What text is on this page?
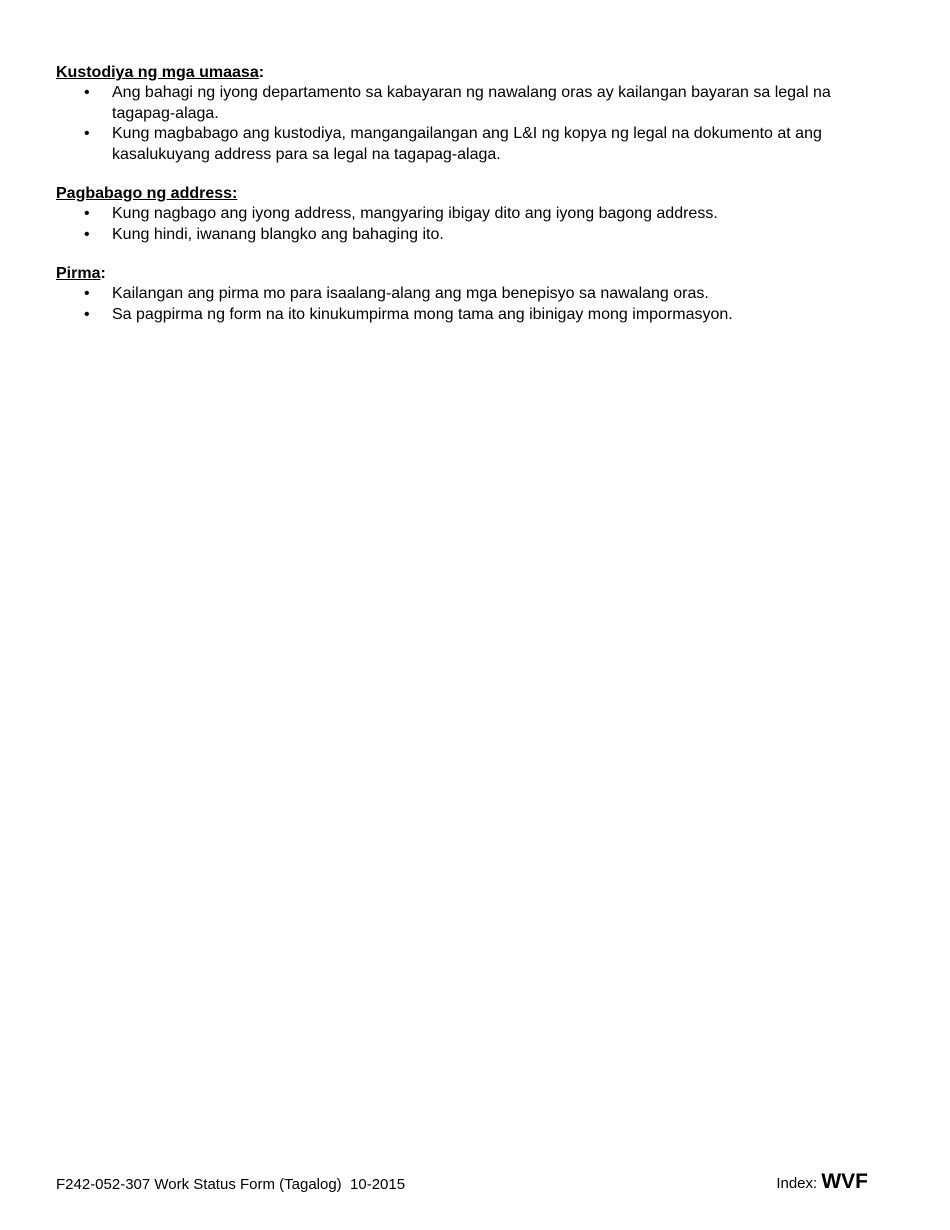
Kustodiya ng mga umaasa:

• Ang bahagi ng iyong departamento sa kabayaran ng nawalang oras ay kailangan bayaran sa legal na tagapag-alaga.
• Kung magbabago ang kustodiya, mangangailangan ang L&I ng kopya ng legal na dokumento at ang kasalukuyang address para sa legal na tagapag-alaga.

Pagbabago ng address:

• Kung nagbago ang iyong address, mangyaring ibigay dito ang iyong bagong address.
• Kung hindi, iwanang blangko ang bahaging ito.

Pirma:

• Kailangan ang pirma mo para isaalang-alang ang mga benepisyo sa nawalang oras.
• Sa pagpirma ng form na ito kinukumpirma mong tama ang ibinigay mong impormasyon.
F242-052-307 Work Status Form (Tagalog)  10-2015	Index: WVF
